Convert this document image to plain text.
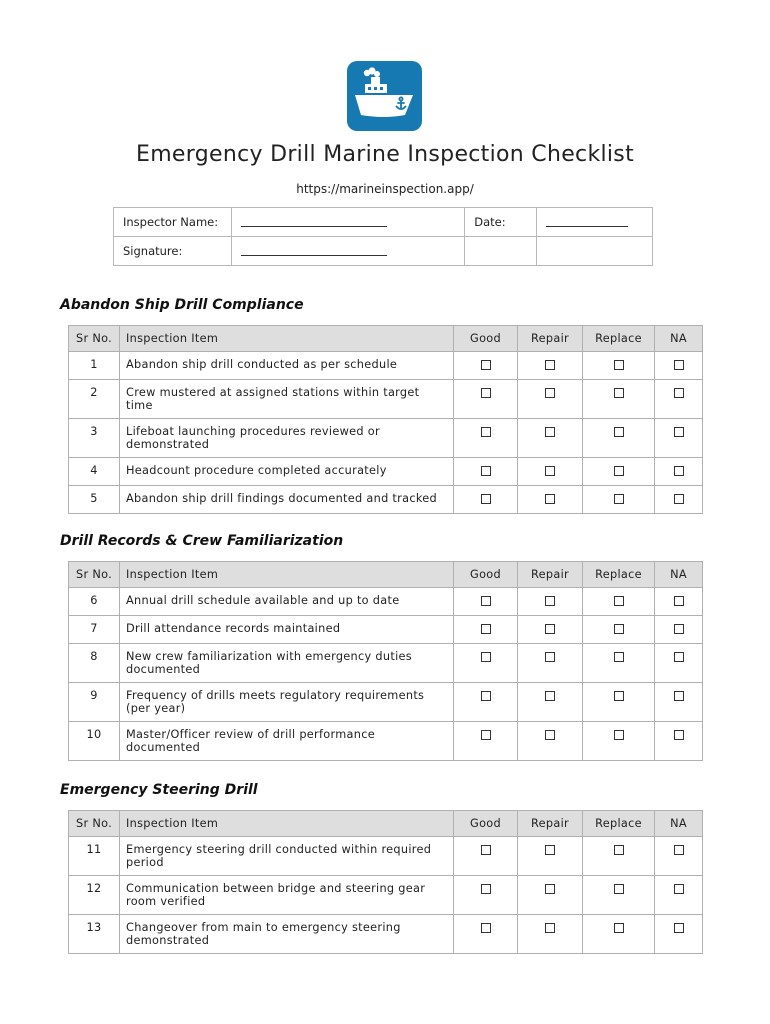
Emergency Drill Marine Inspection Checklist
https://marineinspection.app/
Inspector Name:		Date:	
Signature:			
Abandon Ship Drill Compliance
Sr No.	Inspection Item	Good	Repair	Replace	NA
1	Abandon ship drill conducted as per schedule				
2	Crew mustered at assigned stations within target time				
3	Lifeboat launching procedures reviewed or demonstrated				
4	Headcount procedure completed accurately				
5	Abandon ship drill findings documented and tracked				
Drill Records & Crew Familiarization
Sr No.	Inspection Item	Good	Repair	Replace	NA
6	Annual drill schedule available and up to date				
7	Drill attendance records maintained				
8	New crew familiarization with emergency duties documented				
9	Frequency of drills meets regulatory requirements (per year)				
10	Master/Officer review of drill performance documented				
Emergency Steering Drill
Sr No.	Inspection Item	Good	Repair	Replace	NA
11	Emergency steering drill conducted within required period				
12	Communication between bridge and steering gear room verified				
13	Changeover from main to emergency steering demonstrated				
